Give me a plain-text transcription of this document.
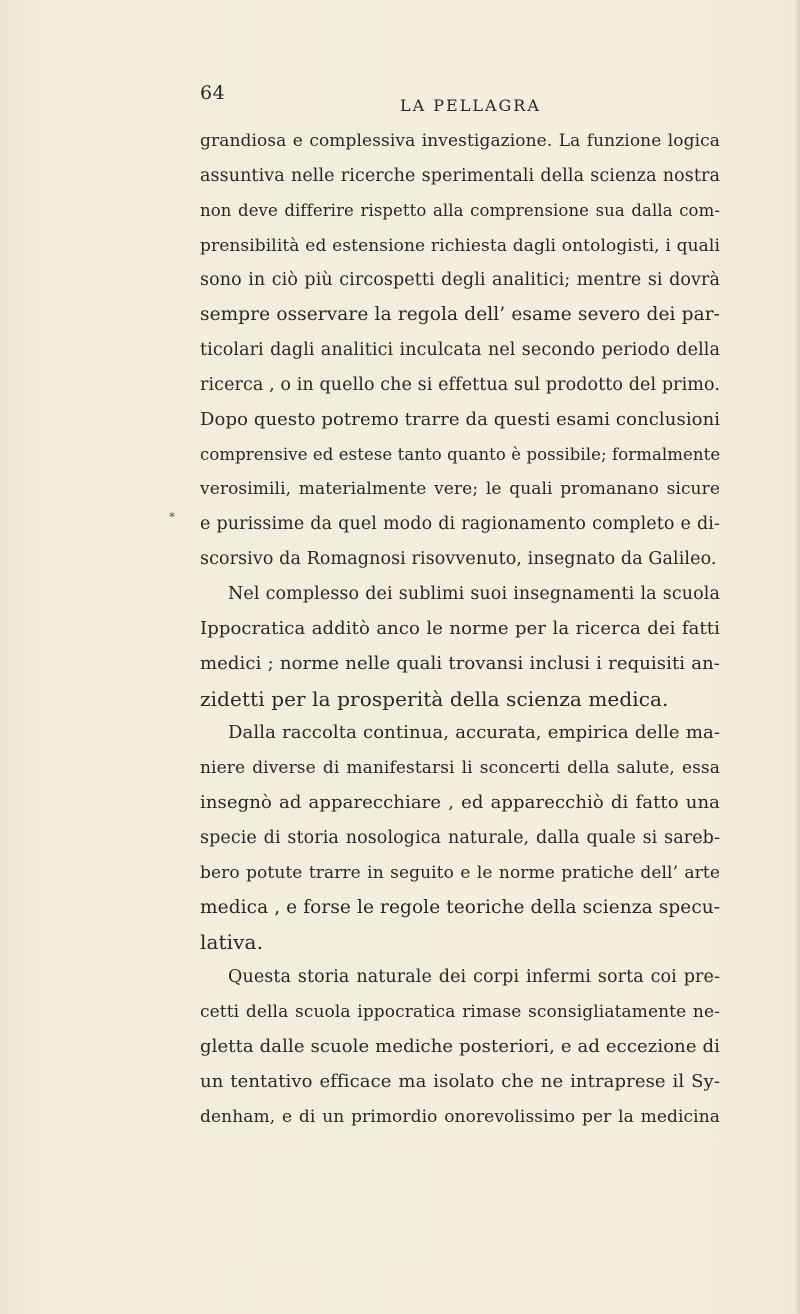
64
LA PELLAGRA
*
grandiosa e complessiva investigazione. La funzione logica
assuntiva nelle ricerche sperimentali della scienza nostra
non deve differire rispetto alla comprensione sua dalla com-
prensibilità ed estensione richiesta dagli ontologisti, i quali
sono in ciò più circospetti degli analitici; mentre si dovrà
sempre osservare la regola dell’ esame severo dei par-
ticolari dagli analitici inculcata nel secondo periodo della
ricerca , o in quello che si effettua sul prodotto del primo.
Dopo questo potremo trarre da questi esami conclusioni
comprensive ed estese tanto quanto è possibile; formalmente
verosimili, materialmente vere; le quali promanano sicure
e purissime da quel modo di ragionamento completo e di-
scorsivo da Romagnosi risovvenuto, insegnato da Galileo.
Nel complesso dei sublimi suoi insegnamenti la scuola
Ippocratica additò anco le norme per la ricerca dei fatti
medici ; norme nelle quali trovansi inclusi i requisiti an-
zidetti per la prosperità della scienza medica.
Dalla raccolta continua, accurata, empirica delle ma-
niere diverse di manifestarsi li sconcerti della salute, essa
insegnò ad apparecchiare , ed apparecchiò di fatto una
specie di storia nosologica naturale, dalla quale si sareb-
bero potute trarre in seguito e le norme pratiche dell’ arte
medica , e forse le regole teoriche della scienza specu-
lativa.
Questa storia naturale dei corpi infermi sorta coi pre-
cetti della scuola ippocratica rimase sconsigliatamente ne-
gletta dalle scuole mediche posteriori, e ad eccezione di
un tentativo efficace ma isolato che ne intraprese il Sy-
denham, e di un primordio onorevolissimo per la medicina
